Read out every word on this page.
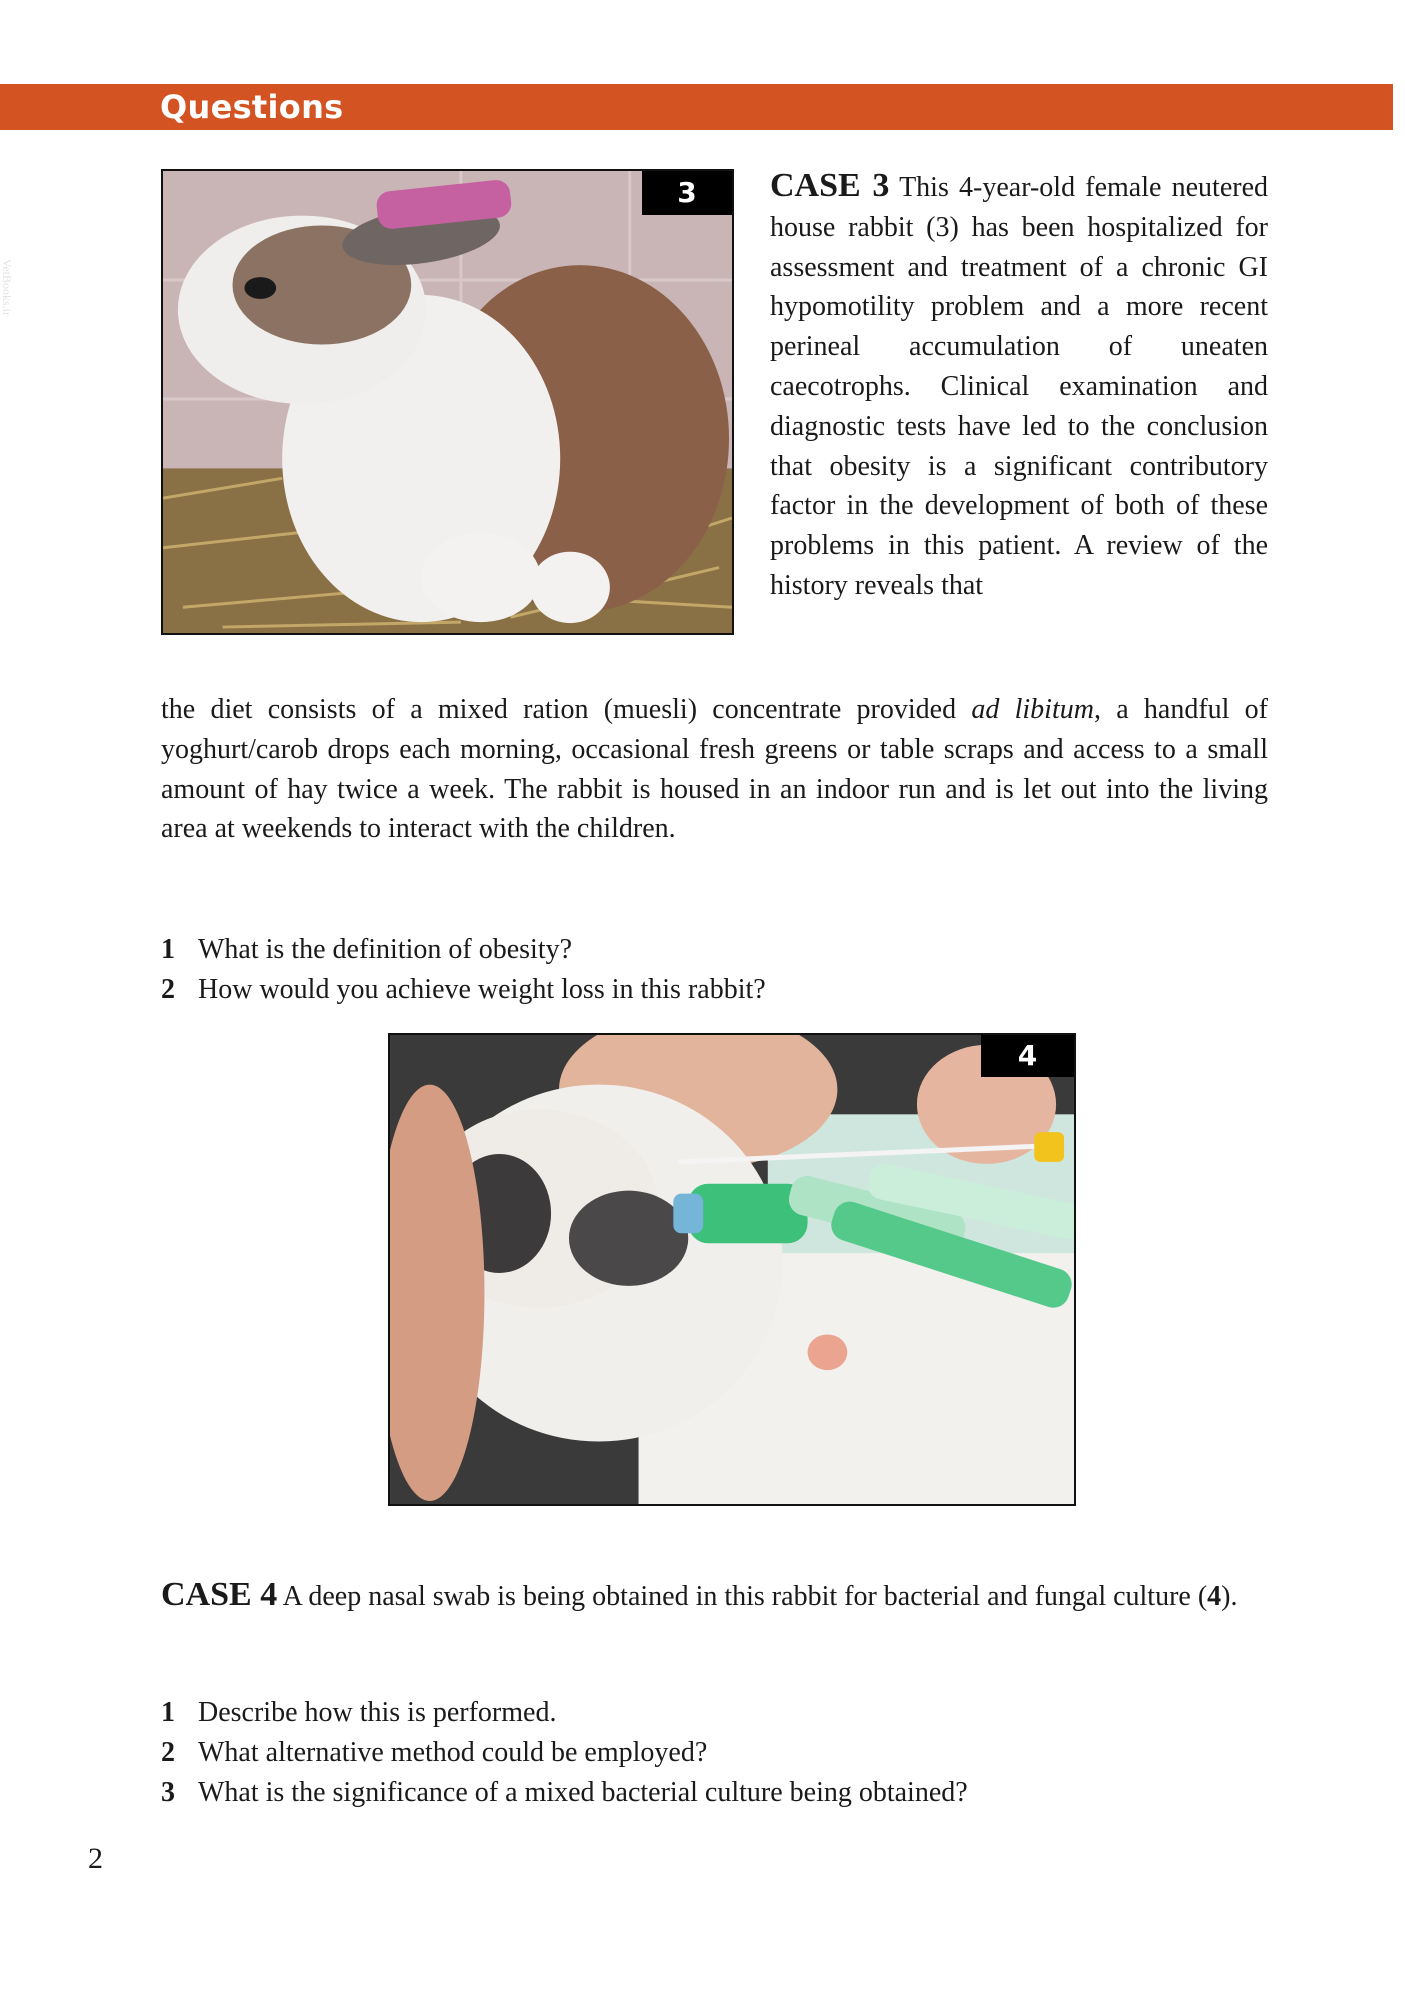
Questions
VetBooks.ir
3	CASE 3 This 4-year-old female neutered house rabbit (3) has been hospitalized for assessment and treatment of a chronic GI hypomotility problem and a more recent perineal accumulation of uneaten caecotrophs. Clinical examination and diagnostic tests have led to the conclusion that obesity is a significant contributory factor in the development of both of these problems in this patient. A review of the history reveals that
the diet consists of a mixed ration (muesli) concentrate provided ad libitum, a handful of yoghurt/carob drops each morning, occasional fresh greens or table scraps and access to a small amount of hay twice a week. The rabbit is housed in an indoor run and is let out into the living area at weekends to interact with the children.
1 What is the definition of obesity?
2 How would you achieve weight loss in this rabbit?
4
CASE 4 A deep nasal swab is being obtained in this rabbit for bacterial and fungal culture (4).
1 Describe how this is performed.
2 What alternative method could be employed?
3 What is the significance of a mixed bacterial culture being obtained?
2
